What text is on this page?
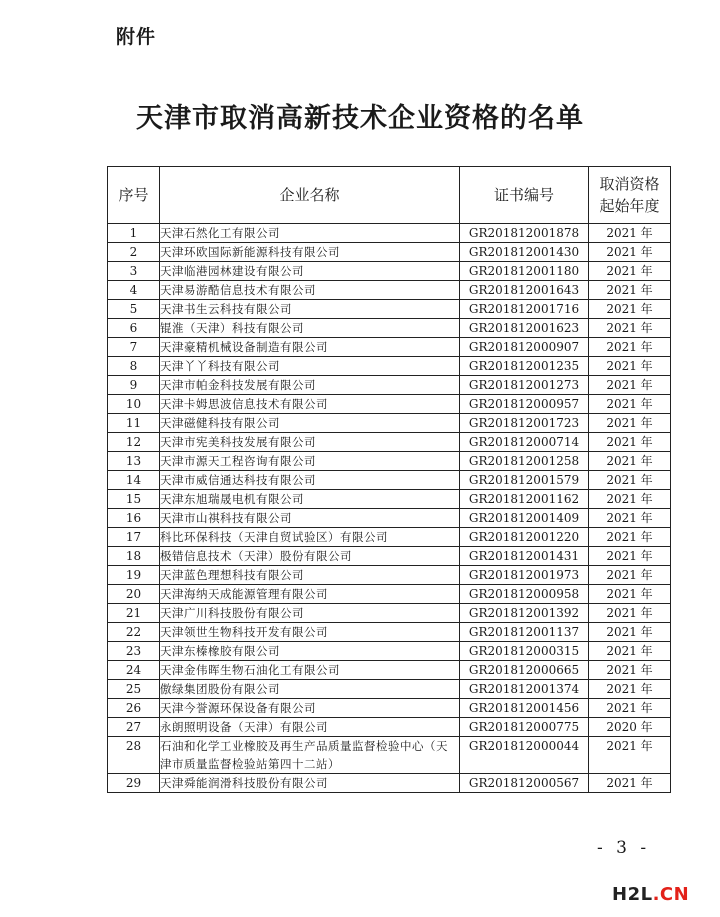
附件
天津市取消高新技术企业资格的名单
序号	企业名称	证书编号	取消资格
起始年度
1	天津石然化工有限公司	GR201812001878	2021 年
2	天津环欧国际新能源科技有限公司	GR201812001430	2021 年
3	天津临港园林建设有限公司	GR201812001180	2021 年
4	天津易游酷信息技术有限公司	GR201812001643	2021 年
5	天津书生云科技有限公司	GR201812001716	2021 年
6	锟淮（天津）科技有限公司	GR201812001623	2021 年
7	天津豪精机械设备制造有限公司	GR201812000907	2021 年
8	天津丫丫科技有限公司	GR201812001235	2021 年
9	天津市帕金科技发展有限公司	GR201812001273	2021 年
10	天津卡姆思波信息技术有限公司	GR201812000957	2021 年
11	天津磁健科技有限公司	GR201812001723	2021 年
12	天津市宪美科技发展有限公司	GR201812000714	2021 年
13	天津市源天工程咨询有限公司	GR201812001258	2021 年
14	天津市威信通达科技有限公司	GR201812001579	2021 年
15	天津东旭瑞晟电机有限公司	GR201812001162	2021 年
16	天津市山祺科技有限公司	GR201812001409	2021 年
17	科比环保科技（天津自贸试验区）有限公司	GR201812001220	2021 年
18	极错信息技术（天津）股份有限公司	GR201812001431	2021 年
19	天津蓝色理想科技有限公司	GR201812001973	2021 年
20	天津海纳天成能源管理有限公司	GR201812000958	2021 年
21	天津广川科技股份有限公司	GR201812001392	2021 年
22	天津领世生物科技开发有限公司	GR201812001137	2021 年
23	天津东榛橡胶有限公司	GR201812000315	2021 年
24	天津金伟晖生物石油化工有限公司	GR201812000665	2021 年
25	傲绿集团股份有限公司	GR201812001374	2021 年
26	天津今誉源环保设备有限公司	GR201812001456	2021 年
27	永朗照明设备（天津）有限公司	GR201812000775	2020 年
28	石油和化学工业橡胶及再生产品质量监督检验中心（天津市质量监督检验站第四十二站）	GR201812000044	2021 年
29	天津舜能润滑科技股份有限公司	GR201812000567	2021 年
- 3 -
H2L.CN
